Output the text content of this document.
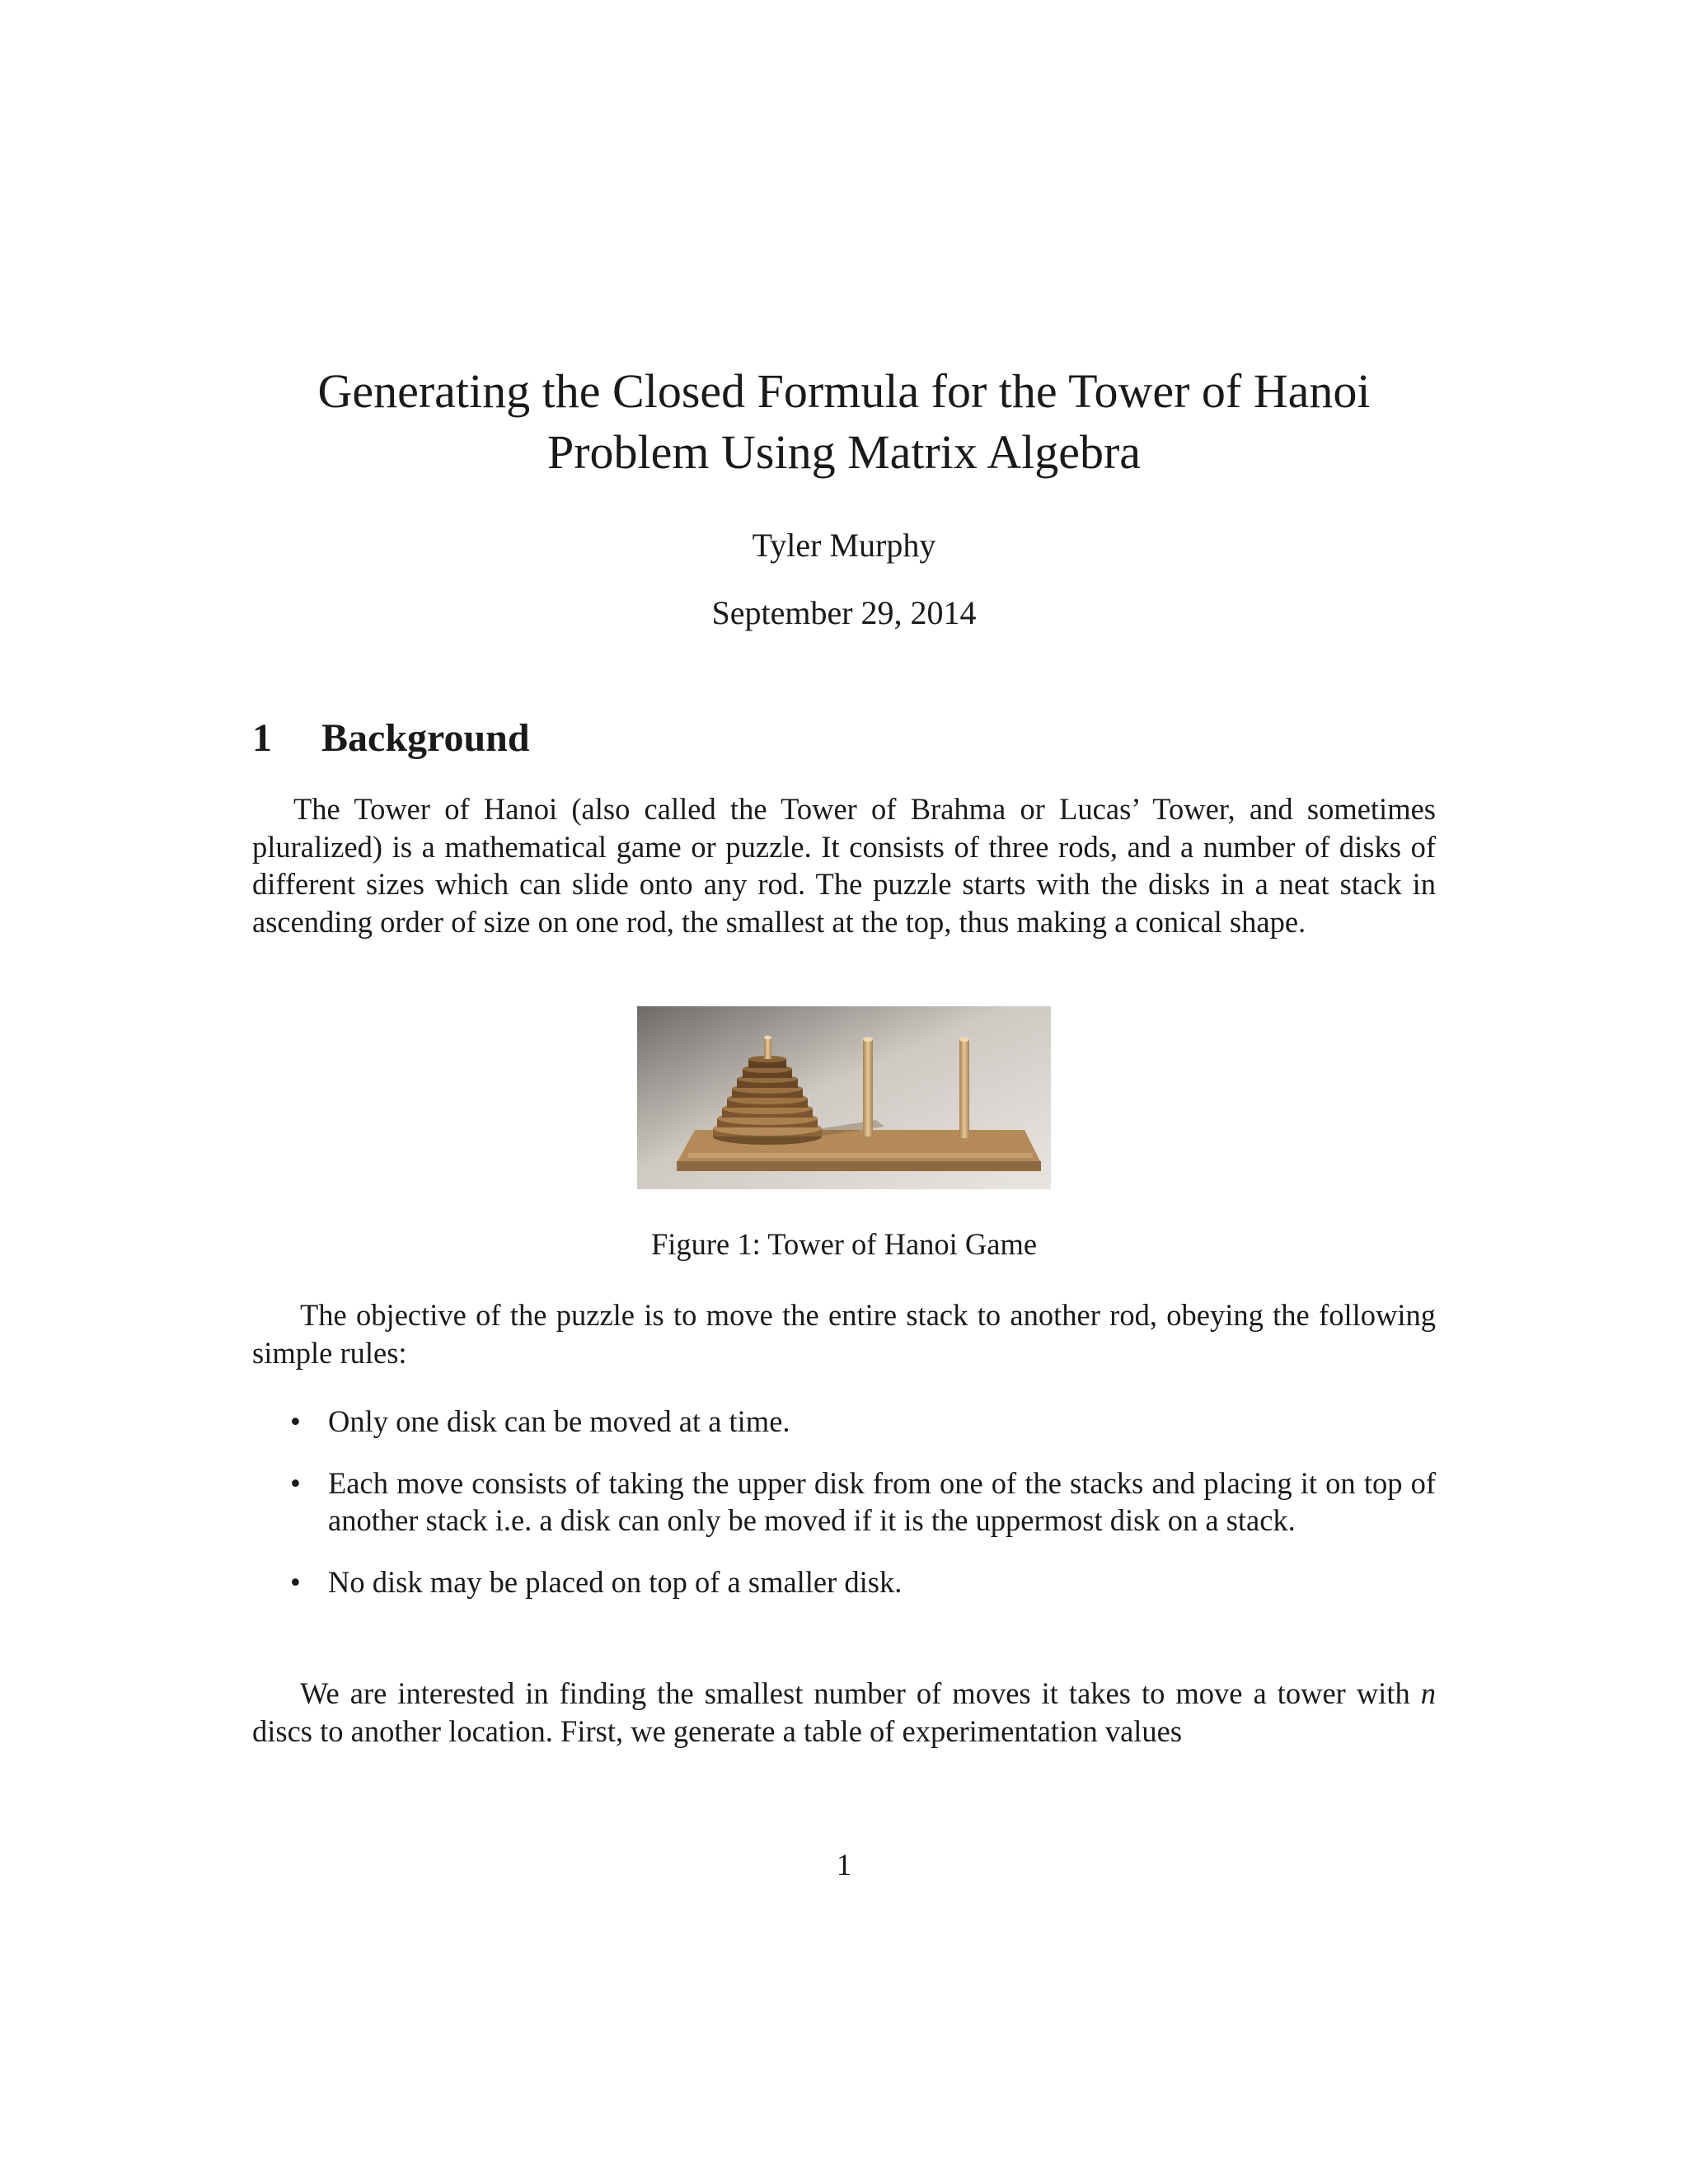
Generating the Closed Formula for the Tower of Hanoi
Problem Using Matrix Algebra
Tyler Murphy
September 29, 2014
1 Background

The Tower of Hanoi (also called the Tower of Brahma or Lucas’ Tower, and sometimes pluralized) is a mathematical game or puzzle. It consists of three rods, and a number of disks of different sizes which can slide onto any rod. The puzzle starts with the disks in a neat stack in ascending order of size on one rod, the smallest at the top, thus making a conical shape.

Figure 1: Tower of Hanoi Game

The objective of the puzzle is to move the entire stack to another rod, obeying the following simple rules:

• Only one disk can be moved at a time.
• Each move consists of taking the upper disk from one of the stacks and placing it on top of another stack i.e. a disk can only be moved if it is the uppermost disk on a stack.
• No disk may be placed on top of a smaller disk.

We are interested in finding the smallest number of moves it takes to move a tower with n discs to another location. First, we generate a table of experimentation values

1
